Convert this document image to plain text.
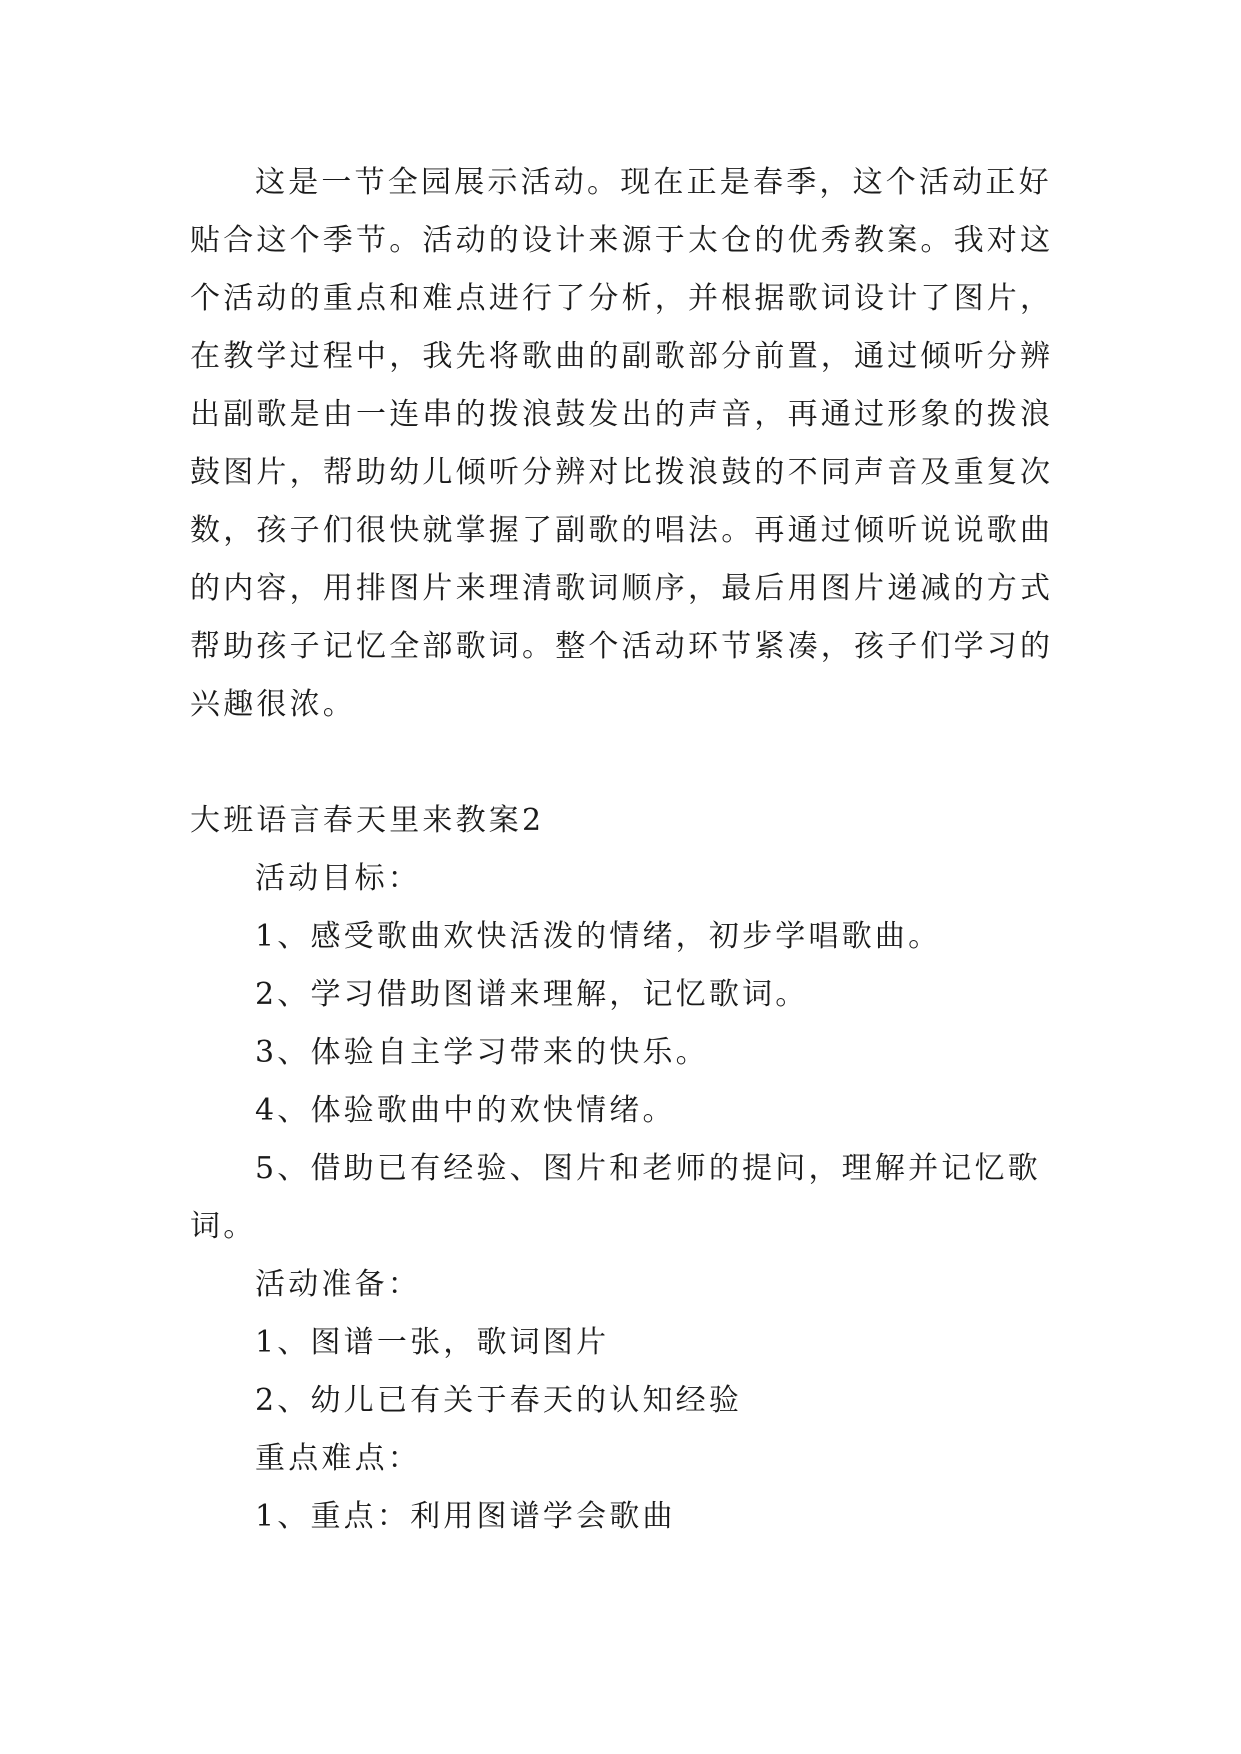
这是一节全园展示活动。现在正是春季，这个活动正好
贴合这个季节。活动的设计来源于太仓的优秀教案。我对这
个活动的重点和难点进行了分析，并根据歌词设计了图片，
在教学过程中，我先将歌曲的副歌部分前置，通过倾听分辨
出副歌是由一连串的拨浪鼓发出的声音，再通过形象的拨浪
鼓图片，帮助幼儿倾听分辨对比拨浪鼓的不同声音及重复次
数，孩子们很快就掌握了副歌的唱法。再通过倾听说说歌曲
的内容，用排图片来理清歌词顺序，最后用图片递减的方式
帮助孩子记忆全部歌词。整个活动环节紧凑，孩子们学习的
兴趣很浓。
大班语言春天里来教案2
活动目标：
1、感受歌曲欢快活泼的情绪，初步学唱歌曲。
2、学习借助图谱来理解，记忆歌词。
3、体验自主学习带来的快乐。
4、体验歌曲中的欢快情绪。
5、借助已有经验、图片和老师的提问，理解并记忆歌
词。
活动准备：
1、图谱一张，歌词图片
2、幼儿已有关于春天的认知经验
重点难点：
1、重点：利用图谱学会歌曲
